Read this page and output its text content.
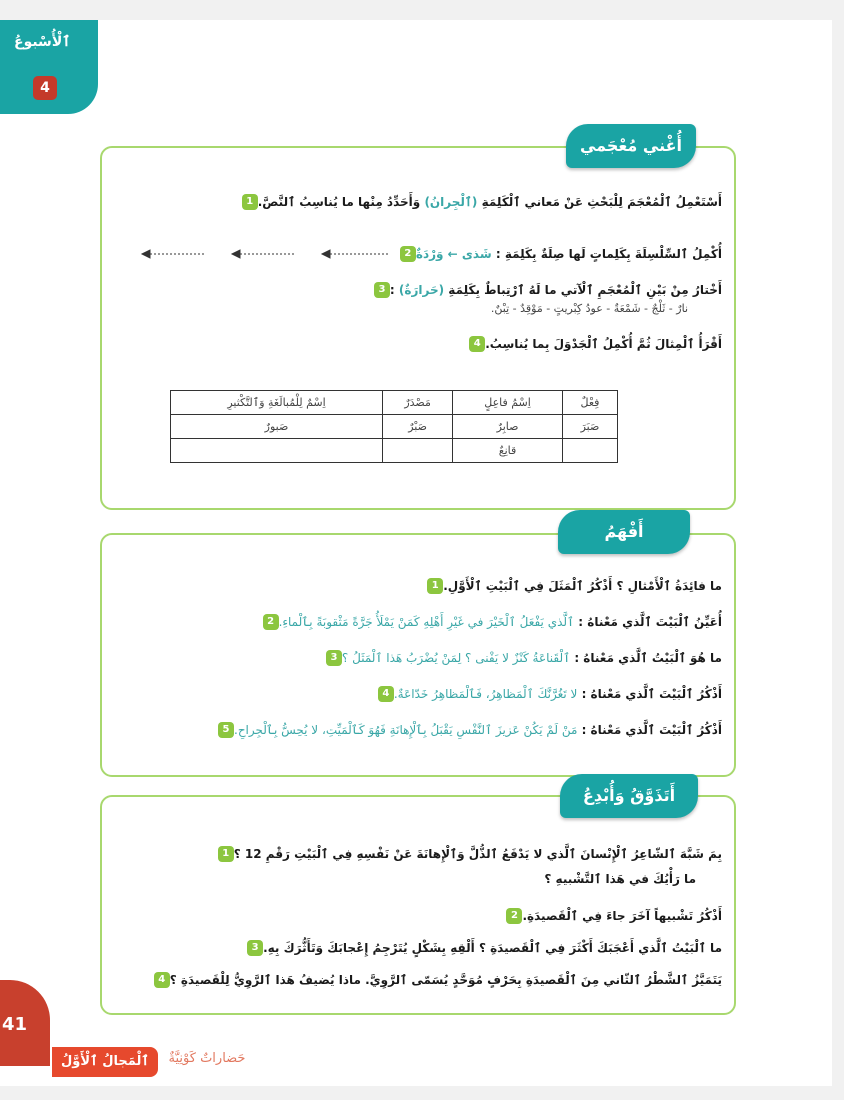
ٱلْأُسْبوعُ
4
أُغْني مُعْجَمي
1	أَسْتَعْمِلُ ٱلْمُعْجَمَ لِلْبَحْثِ عَنْ مَعاني ٱلْكَلِمَةِ (ٱلْجِرانُ) وَأَحَدِّدُ مِنْها ما يُناسِبُ ٱلنَّصَّ.
2	أُكْمِلُ ٱلسِّلْسِلَةَ بِكَلِماتٍ لَها صِلَةٌ بِكَلِمَةِ : شَذى ← وَرْدَةٌ
3	أَخْتارُ مِنْ بَيْنِ ٱلْمُعْجَمِ ٱلْآتي ما لَهُ ٱرْتِباطٌ بِكَلِمَةِ (حَرارَةٌ) :
نارٌ - ثَلْجٌ - شَمْعَةٌ - عودُ كِبْريتٍ - مَوْقِدٌ - تِبْنٌ.
4 أَقْرَأُ ٱلْمِثالَ ثُمَّ أُكْمِلُ ٱلْجَدْوَلَ بِما يُناسِبُ.
فِعْلٌ	اِسْمُ فاعِلٍ	مَصْدَرٌ	اِسْمٌ لِلْمُبالَغَةِ وَٱلتَّكْثيرِ
صَبَرَ	صابِرٌ	صَبْرٌ	صَبورٌ
	قانِعٌ		
أَفْهَمُ
1 ما فائِدَةُ ٱلْأَمْثالِ ؟ أَذْكُرُ ٱلْمَثَلَ فِي ٱلْبَيْتِ ٱلْأَوَّلِ.
2	أُعَيِّنُ ٱلْبَيْتَ ٱلَّذي مَعْناهُ : ٱلَّذي يَفْعَلُ ٱلْخَيْرَ في غَيْرِ أَهْلِهِ كَمَنْ يَمْلَأُ جَرَّةً مَثْقوبَةً بِٱلْماءِ.
3	ما هُوَ ٱلْبَيْتُ ٱلَّذي مَعْناهُ : ٱلْقَناعَةُ كَنْزٌ لا يَفْنى ؟ لِمَنْ يُضْرَبُ هَذا ٱلْمَثَلُ ؟
4	أَذْكُرُ ٱلْبَيْتَ ٱلَّذي مَعْناهُ : لا تَغُرَّنَّكَ ٱلْمَظاهِرُ، فَٱلْمَظاهِرُ خَدّاعَةٌ.
5	أَذْكُرُ ٱلْبَيْتَ ٱلَّذي مَعْناهُ : مَنْ لَمْ يَكُنْ عَزيزَ ٱلنَّفْسِ يَقْبَلُ بِٱلْإِهانَةِ فَهُوَ كَٱلْمَيِّتِ، لا يُحِسُّ بِٱلْجِراحِ.
أَتَذَوَّقُ وَأُبْدِعُ
1 بِمَ شَبَّهَ ٱلشّاعِرُ ٱلْإِنْسانَ ٱلَّذي لا يَدْفَعُ ٱلذُّلَّ وَٱلْإِهانَةَ عَنْ نَفْسِهِ فِي ٱلْبَيْتِ رَقْمِ 12 ؟
ما رَأْيُكَ في هَذا ٱلتَّشْبيهِ ؟
2 أَذْكُرُ تَشْبيهاً آخَرَ جاءَ فِي ٱلْقَصيدَةِ.
3 ما ٱلْبَيْتُ ٱلَّذي أَعْجَبَكَ أَكْثَرَ فِي ٱلْقَصيدَةِ ؟ أَلْقِهِ بِشَكْلٍ يُتَرْجِمُ إِعْجابَكَ وَتَأَثُّرَكَ بِهِ.
4 يَتَمَيَّزُ ٱلشَّطْرُ ٱلثّاني مِنَ ٱلْقَصيدَةِ بِحَرْفٍ مُوَحَّدٍ يُسَمّى ٱلرَّوِيَّ. ماذا يُضيفُ هَذا ٱلرَّوِيُّ لِلْقَصيدَةِ ؟
41
ٱلْمَجالُ ٱلْأَوَّلُ	حَضاراتٌ كَوْنِيَّةٌ
